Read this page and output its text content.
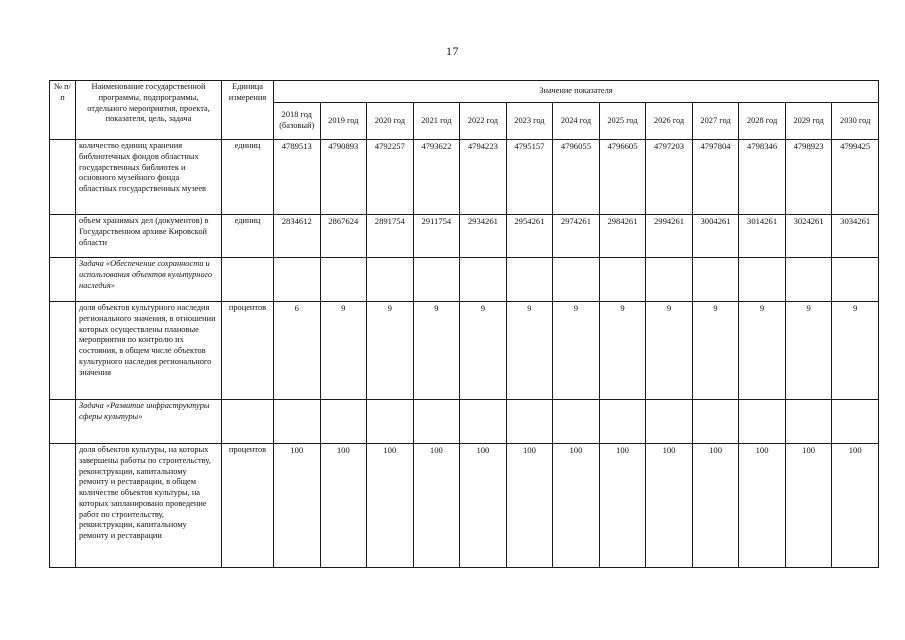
17
№ п/п	Наименование государственной программы, подпрограммы, отдельного мероприятия, проекта, показателя, цель, задача	Единица измерения	Значение показателя												
			2018 год (базовый)	2019 год	2020 год	2021 год	2022 год	2023 год	2024 год	2025 год	2026 год	2027 год	2028 год	2029 год	2030 год
	количество единиц хранения библиотечных фондов областных государственных библиотек и основного музейного фонда областных государственных музеев	единиц	4789513	4790893	4792257	4793622	4794223	4795157	4796055	4796605	4797203	4797804	4798346	4798923	4799425
	объем хранимых дел (документов) в Государственном архиве Кировской области	единиц	2834612	2867624	2891754	2911754	2934261	2954261	2974261	2984261	2994261	3004261	3014261	3024261	3034261
	Задача «Обеспечение сохранности и использования объектов культурного наследия»														
	доля объектов культурного наследия регионального значения, в отношении которых осуществлены плановые мероприятия по контролю их состояния, в общем числе объектов культурного наследия регионального значения	процентов	6	9	9	9	9	9	9	9	9	9	9	9	9
	Задача «Развитие инфраструктуры сферы культуры»														
	доля объектов культуры, на которых завершены работы по строительству, реконструкции, капитальному ремонту и реставрации, в общем количестве объектов культуры, на которых запланировано проведение работ по строительству, реконструкции, капитальному ремонту и реставрации	процентов	100	100	100	100	100	100	100	100	100	100	100	100	100
